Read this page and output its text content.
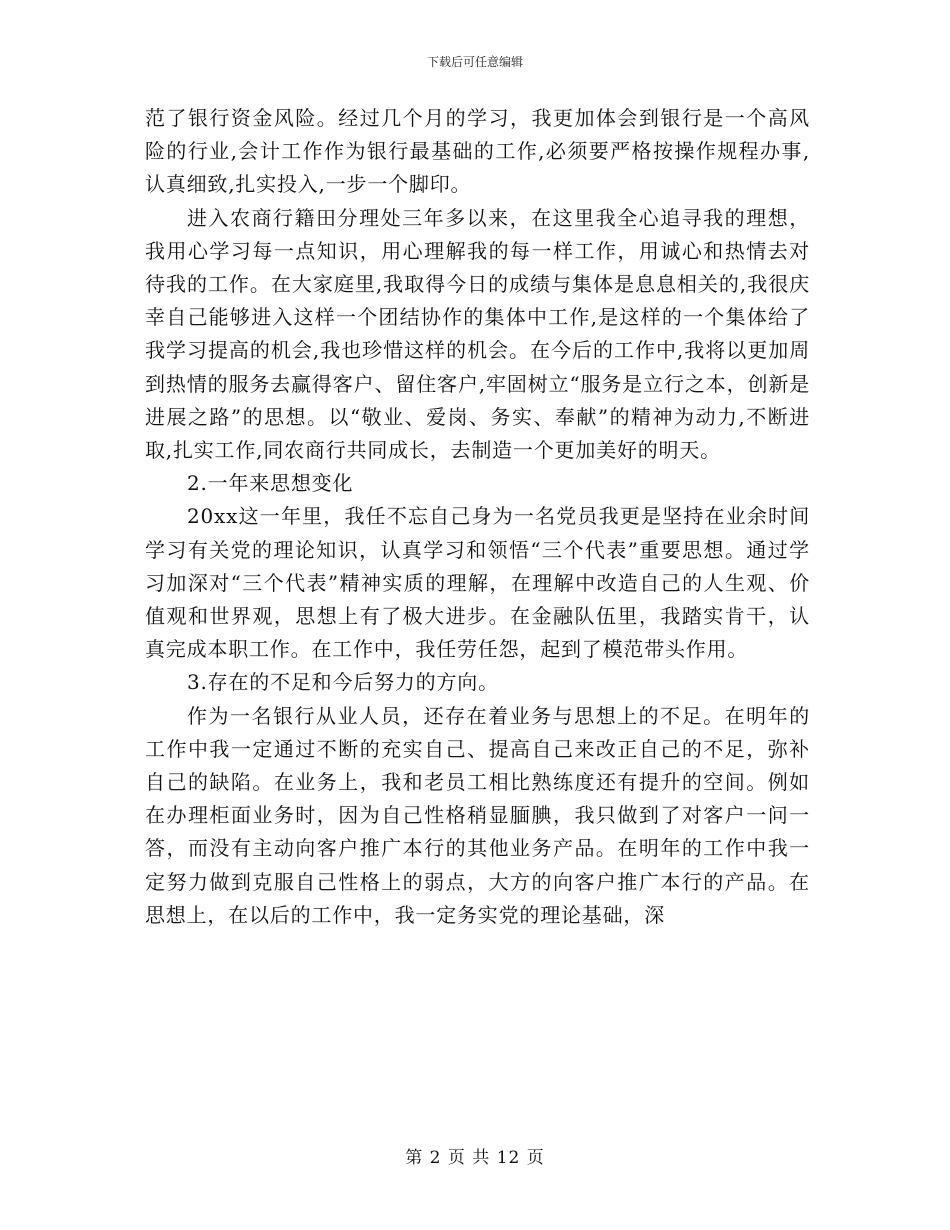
下载后可任意编辑

范了银行资金风险。经过几个月的学习，我更加体会到银行是一个高风险的行业,会计工作作为银行最基础的工作,必须要严格按操作规程办事,认真细致,扎实投入,一步一个脚印。

进入农商行籍田分理处三年多以来，在这里我全心追寻我的理想，我用心学习每一点知识，用心理解我的每一样工作，用诚心和热情去对待我的工作。在大家庭里,我取得今日的成绩与集体是息息相关的,我很庆幸自己能够进入这样一个团结协作的集体中工作,是这样的一个集体给了我学习提高的机会,我也珍惜这样的机会。在今后的工作中,我将以更加周到热情的服务去赢得客户、留住客户,牢固树立“服务是立行之本，创新是进展之路”的思想。以“敬业、爱岗、务实、奉献”的精神为动力,不断进取,扎实工作,同农商行共同成长，去制造一个更加美好的明天。

2.一年来思想变化

20xx这一年里，我任不忘自己身为一名党员我更是坚持在业余时间学习有关党的理论知识，认真学习和领悟“三个代表”重要思想。通过学习加深对“三个代表”精神实质的理解，在理解中改造自己的人生观、价值观和世界观，思想上有了极大进步。在金融队伍里，我踏实肯干，认真完成本职工作。在工作中，我任劳任怨，起到了模范带头作用。

3.存在的不足和今后努力的方向。

作为一名银行从业人员，还存在着业务与思想上的不足。在明年的工作中我一定通过不断的充实自己、提高自己来改正自己的不足，弥补自己的缺陷。在业务上，我和老员工相比熟练度还有提升的空间。例如在办理柜面业务时，因为自己性格稍显腼腆，我只做到了对客户一问一答，而没有主动向客户推广本行的其他业务产品。在明年的工作中我一定努力做到克服自己性格上的弱点，大方的向客户推广本行的产品。在思想上，在以后的工作中，我一定务实党的理论基础，深

第 2 页 共 12 页
